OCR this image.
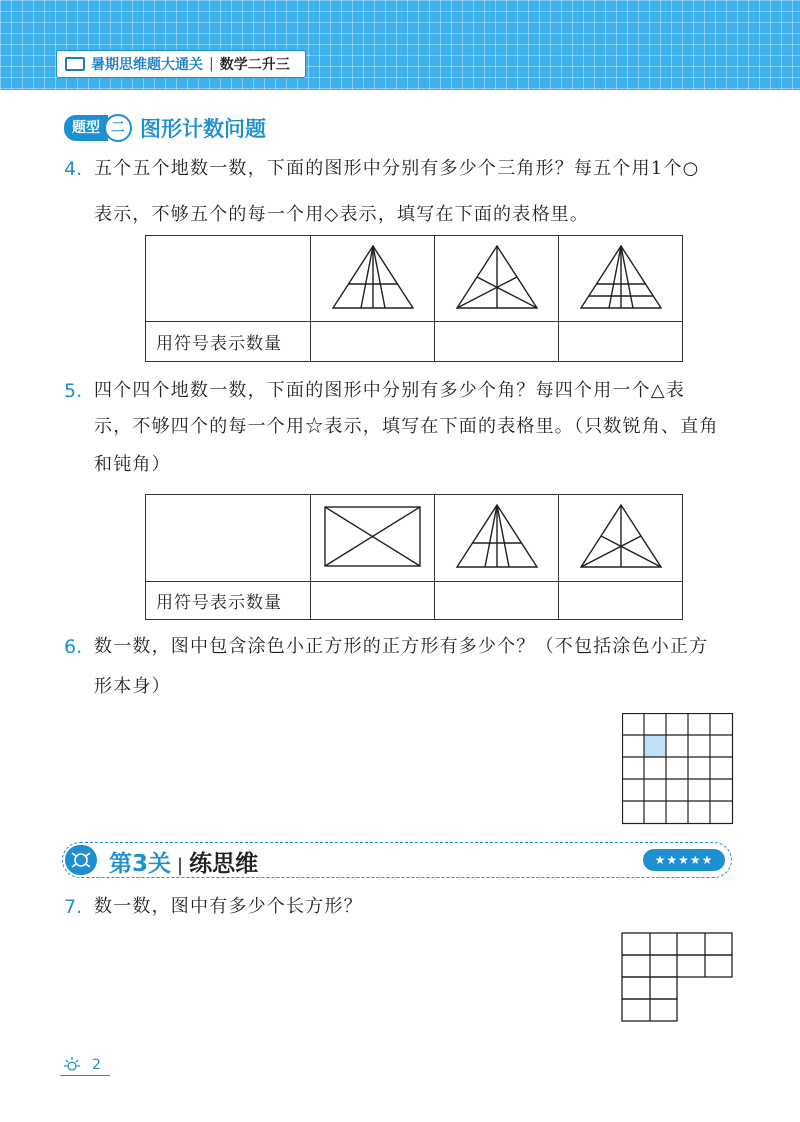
暑期思维题大通关 | 数学二升三
题型 二 图形计数问题
4. 五个五个地数一数，下面的图形中分别有多少个三角形？每五个用1个○
表示，不够五个的每一个用◇表示，填写在下面的表格里。

用符号表示数量			
5. 四个四个地数一数，下面的图形中分别有多少个角？每四个用一个△表
示，不够四个的每一个用☆表示，填写在下面的表格里。（只数锐角、直角
和钝角）

用符号表示数量			
6. 数一数，图中包含涂色小正方形的正方形有多少个？（不包括涂色小正方
形本身）
第3关 | 练思维	★★★★★
7. 数一数，图中有多少个长方形？
2
